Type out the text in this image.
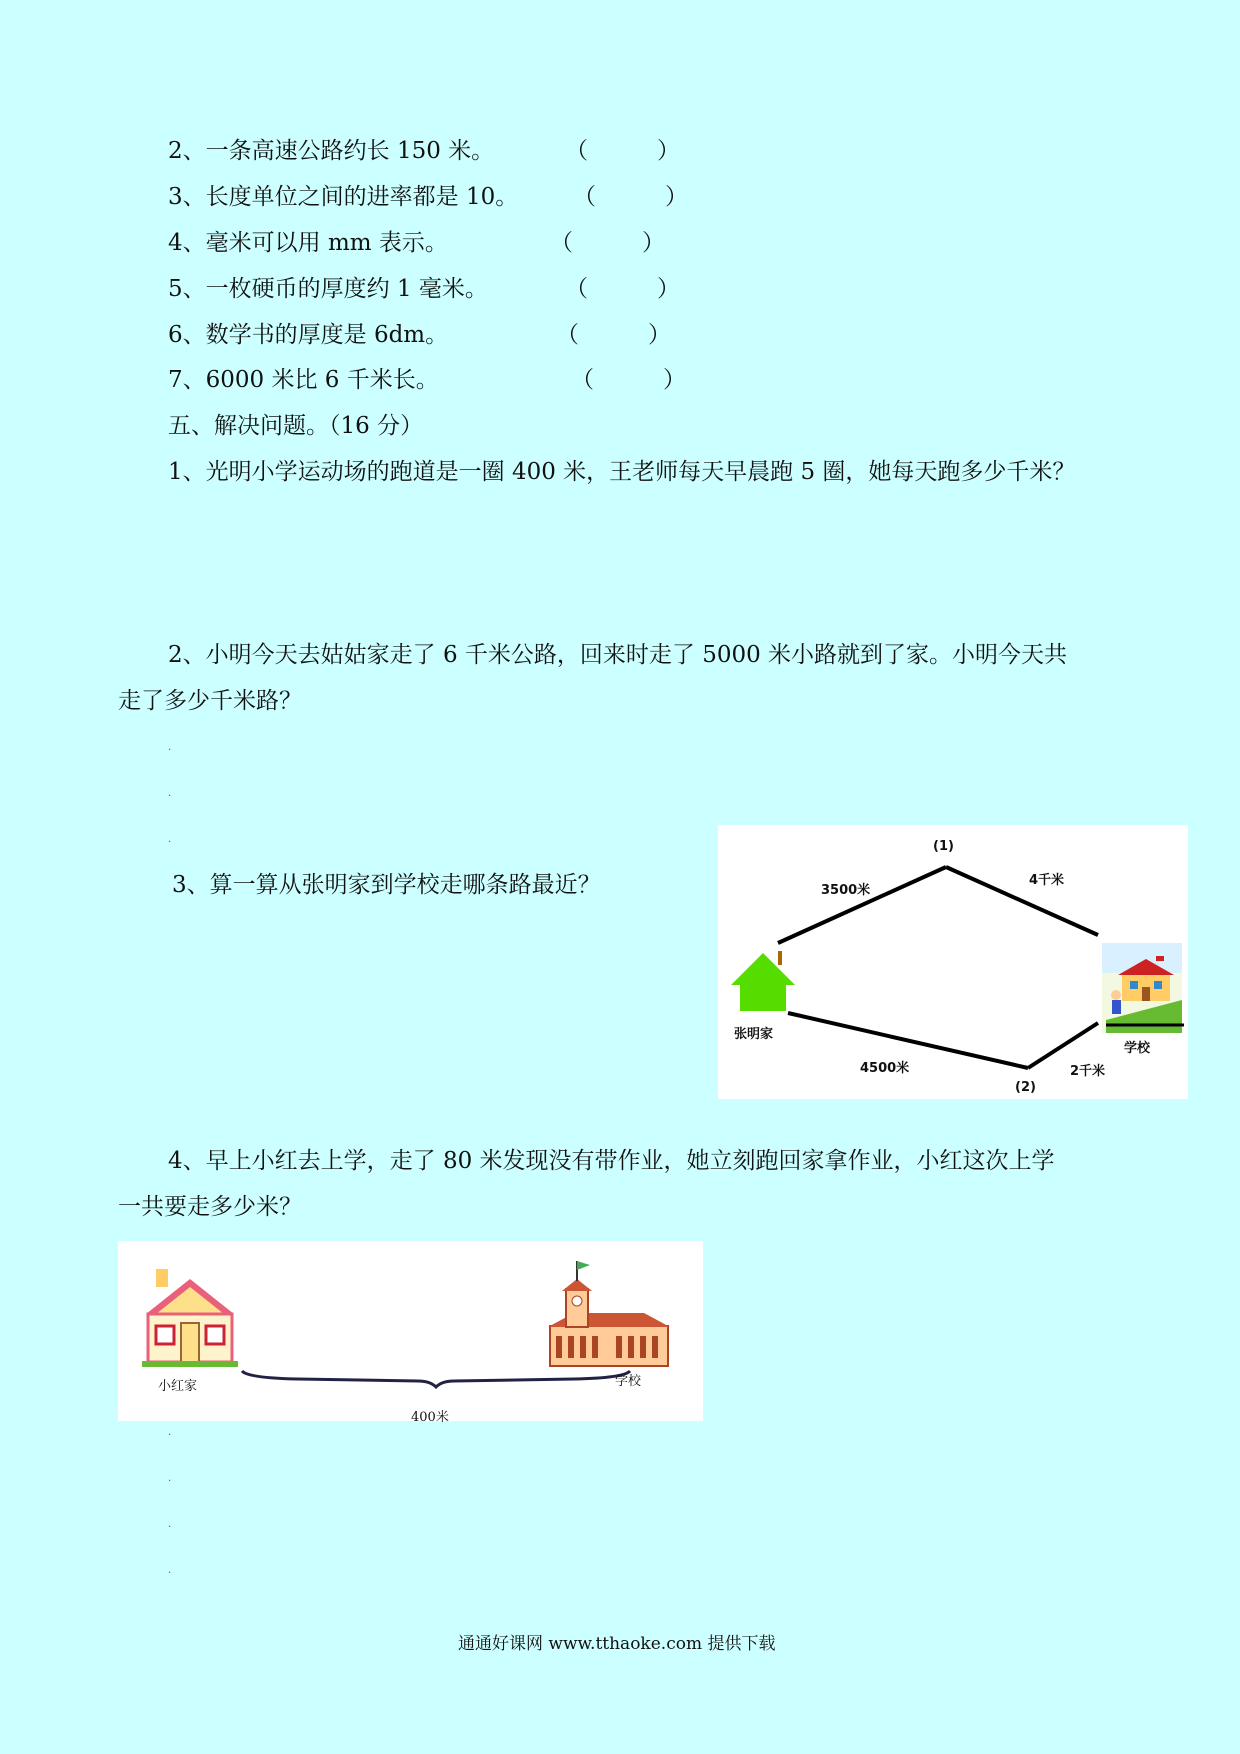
2、一条高速公路约长 150 米。	（　　　）
3、长度单位之间的进率都是 10。 （　　　）
4、毫米可以用 mm 表示。	（　　　）
5、一枚硬币的厚度约 1 毫米。	（　　　）
6、数学书的厚度是 6dm。	（　　　）
7、6000 米比 6 千米长。	（　　　）
五、解决问题。（16 分）
1、光明小学运动场的跑道是一圈 400 米，王老师每天早晨跑 5 圈，她每天跑多少千米？
2、小明今天去姑姑家走了 6 千米公路，回来时走了 5000 米小路就到了家。小明今天共
走了多少千米路？
.
.
.
3、算一算从张明家到学校走哪条路最近？
(1)
3500米
4千米
张明家
学校
4500米	2千米
(2)
4、早上小红去上学，走了 80 米发现没有带作业，她立刻跑回家拿作业，小红这次上学
一共要走多少米？
小红家	学校
400米
.
.
.
.
通通好课网 www.tthaoke.com 提供下载
